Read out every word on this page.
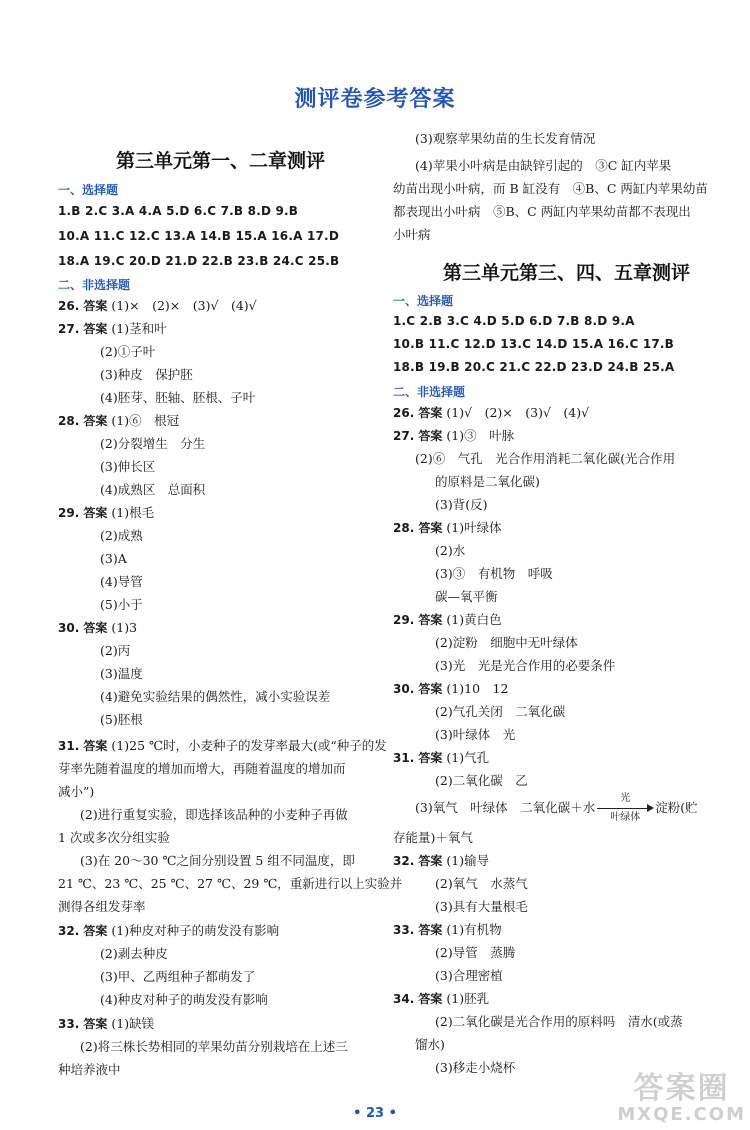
测评卷参考答案
第三单元第一、二章测评
一、选择题
1.B 2.C 3.A 4.A 5.D 6.C 7.B 8.D 9.B
10.A 11.C 12.C 13.A 14.B 15.A 16.A 17.D
18.A 19.C 20.D 21.D 22.B 23.B 24.C 25.B
二、非选择题
26. 答案 (1)×　(2)×　(3)√　(4)√
27. 答案 (1)茎和叶
(2)①子叶
(3)种皮　保护胚
(4)胚芽、胚轴、胚根、子叶
28. 答案 (1)⑥　根冠
(2)分裂增生　分生
(3)伸长区
(4)成熟区　总面积
29. 答案 (1)根毛
(2)成熟
(3)A
(4)导管
(5)小于
30. 答案 (1)3
(2)丙
(3)温度
(4)避免实验结果的偶然性，减小实验误差
(5)胚根
31. 答案 (1)25 ℃时，小麦种子的发芽率最大(或“种子的发
芽率先随着温度的增加而增大，再随着温度的增加而
减小”)
(2)进行重复实验，即选择该品种的小麦种子再做
1 次或多次分组实验
(3)在 20～30 ℃之间分别设置 5 组不同温度，即
21 ℃、23 ℃、25 ℃、27 ℃、29 ℃，重新进行以上实验并
测得各组发芽率
32. 答案 (1)种皮对种子的萌发没有影响
(2)剥去种皮
(3)甲、乙两组种子都萌发了
(4)种皮对种子的萌发没有影响
33. 答案 (1)缺镁
(2)将三株长势相同的苹果幼苗分别栽培在上述三
种培养液中
第三单元第三、四、五章测评
一、选择题
1.C 2.B 3.C 4.D 5.D 6.D 7.B 8.D 9.A
10.B 11.C 12.D 13.C 14.D 15.A 16.C 17.B
18.B 19.B 20.C 21.C 22.D 23.D 24.B 25.A
二、非选择题
(3)氧气　叶绿体　二氧化碳＋水
光
叶绿体
淀粉(贮
(3)观察苹果幼苗的生长发育情况
(4)苹果小叶病是由缺锌引起的　③C 缸内苹果
幼苗出现小叶病，而 B 缸没有　④B、C 两缸内苹果幼苗
都表现出小叶病　⑤B、C 两缸内苹果幼苗都不表现出
小叶病
26. 答案 (1)√　(2)×　(3)√　(4)√
27. 答案 (1)③　叶脉
(2)⑥　气孔　光合作用消耗二氧化碳(光合作用
的原料是二氧化碳)
(3)背(反)
28. 答案 (1)叶绿体
(2)水
(3)③　有机物　呼吸
碳—氧平衡
29. 答案 (1)黄白色
(2)淀粉　细胞中无叶绿体
(3)光　光是光合作用的必要条件
30. 答案 (1)10　12
(2)气孔关闭　二氧化碳
(3)叶绿体　光
31. 答案 (1)气孔
(2)二氧化碳　乙
存能量)＋氧气
32. 答案 (1)输导
(2)氧气　水蒸气
(3)具有大量根毛
33. 答案 (1)有机物
(2)导管　蒸腾
(3)合理密植
34. 答案 (1)胚乳
(2)二氧化碳是光合作用的原料吗　清水(或蒸
馏水)
(3)移走小烧杯
• 23 •
答案圈
MXQE.COM
